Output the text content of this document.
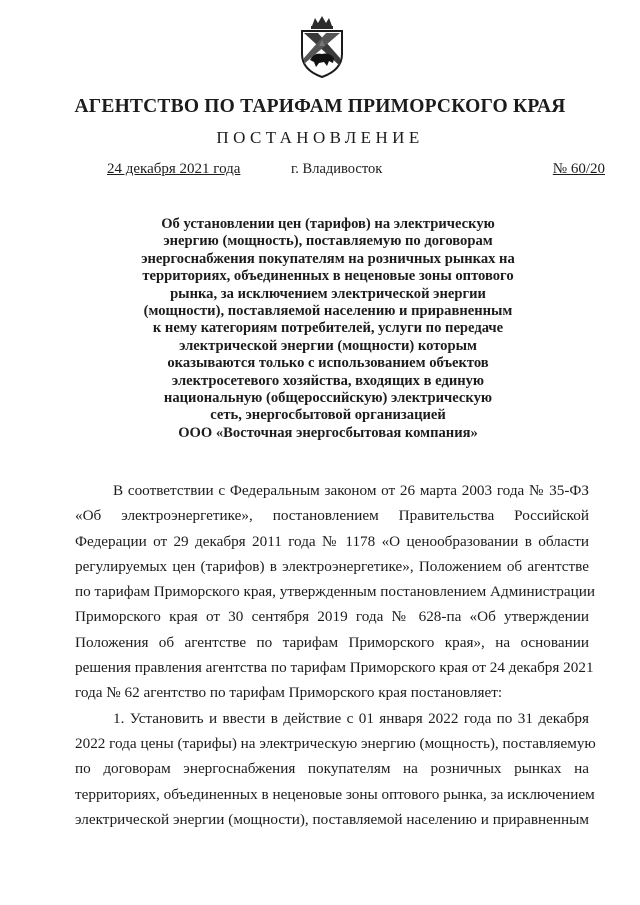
АГЕНТСТВО ПО ТАРИФАМ ПРИМОРСКОГО КРАЯ
ПОСТАНОВЛЕНИЕ
24 декабря 2021 года	г. Владивосток	№ 60/20
Об установлении цен (тарифов) на электрическую
энергию (мощность), поставляемую по договорам
энергоснабжения покупателям на розничных рынках на
территориях, объединенных в неценовые зоны оптового
рынка, за исключением электрической энергии
(мощности), поставляемой населению и приравненным
к нему категориям потребителей, услуги по передаче
электрической энергии (мощности) которым
оказываются только с использованием объектов
электросетевого хозяйства, входящих в единую
национальную (общероссийскую) электрическую
сеть, энергосбытовой организацией
ООО «Восточная энергосбытовая компания»
В соответствии с Федеральным законом от 26 марта 2003 года № 35-ФЗ
«Об электроэнергетике», постановлением Правительства Российской
Федерации от 29 декабря 2011 года № 1178 «О ценообразовании в области
регулируемых цен (тарифов) в электроэнергетике», Положением об агентстве
по тарифам Приморского края, утвержденным постановлением Администрации
Приморского края от 30 сентября 2019 года № 628-па «Об утверждении
Положения об агентстве по тарифам Приморского края», на основании
решения правления агентства по тарифам Приморского края от 24 декабря 2021
года № 62 агентство по тарифам Приморского края постановляет:
1. Установить и ввести в действие с 01 января 2022 года по 31 декабря
2022 года цены (тарифы) на электрическую энергию (мощность), поставляемую
по договорам энергоснабжения покупателям на розничных рынках на
территориях, объединенных в неценовые зоны оптового рынка, за исключением
электрической энергии (мощности), поставляемой населению и приравненным
